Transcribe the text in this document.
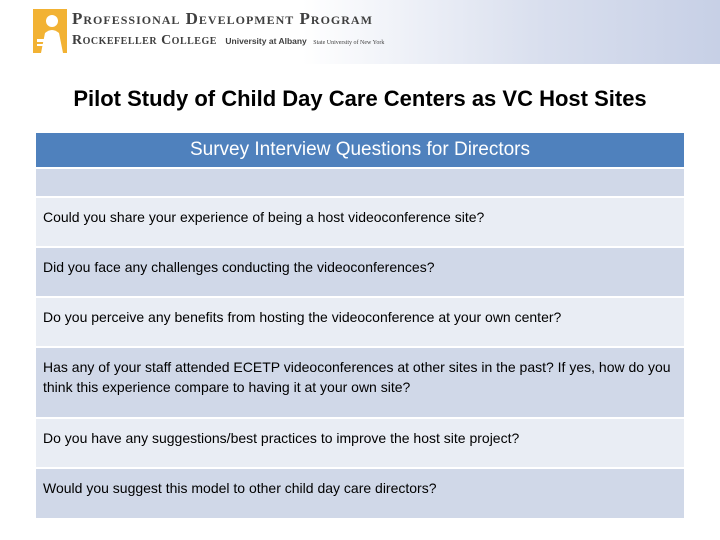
Professional Development Program
Rockefeller College University at Albany State University of New York
Pilot Study of Child Day Care Centers as VC Host Sites
Survey Interview Questions for Directors
Could you share your experience of being a host videoconference site?
Did you face any challenges conducting the videoconferences?
Do you perceive any benefits from hosting the videoconference at your own center?
Has any of your staff attended ECETP videoconferences at other sites in the past? If yes, how do you think this experience compare to having it at your own site?
Do you have any suggestions/best practices to improve the host site project?
Would you suggest this model to other child day care directors?
